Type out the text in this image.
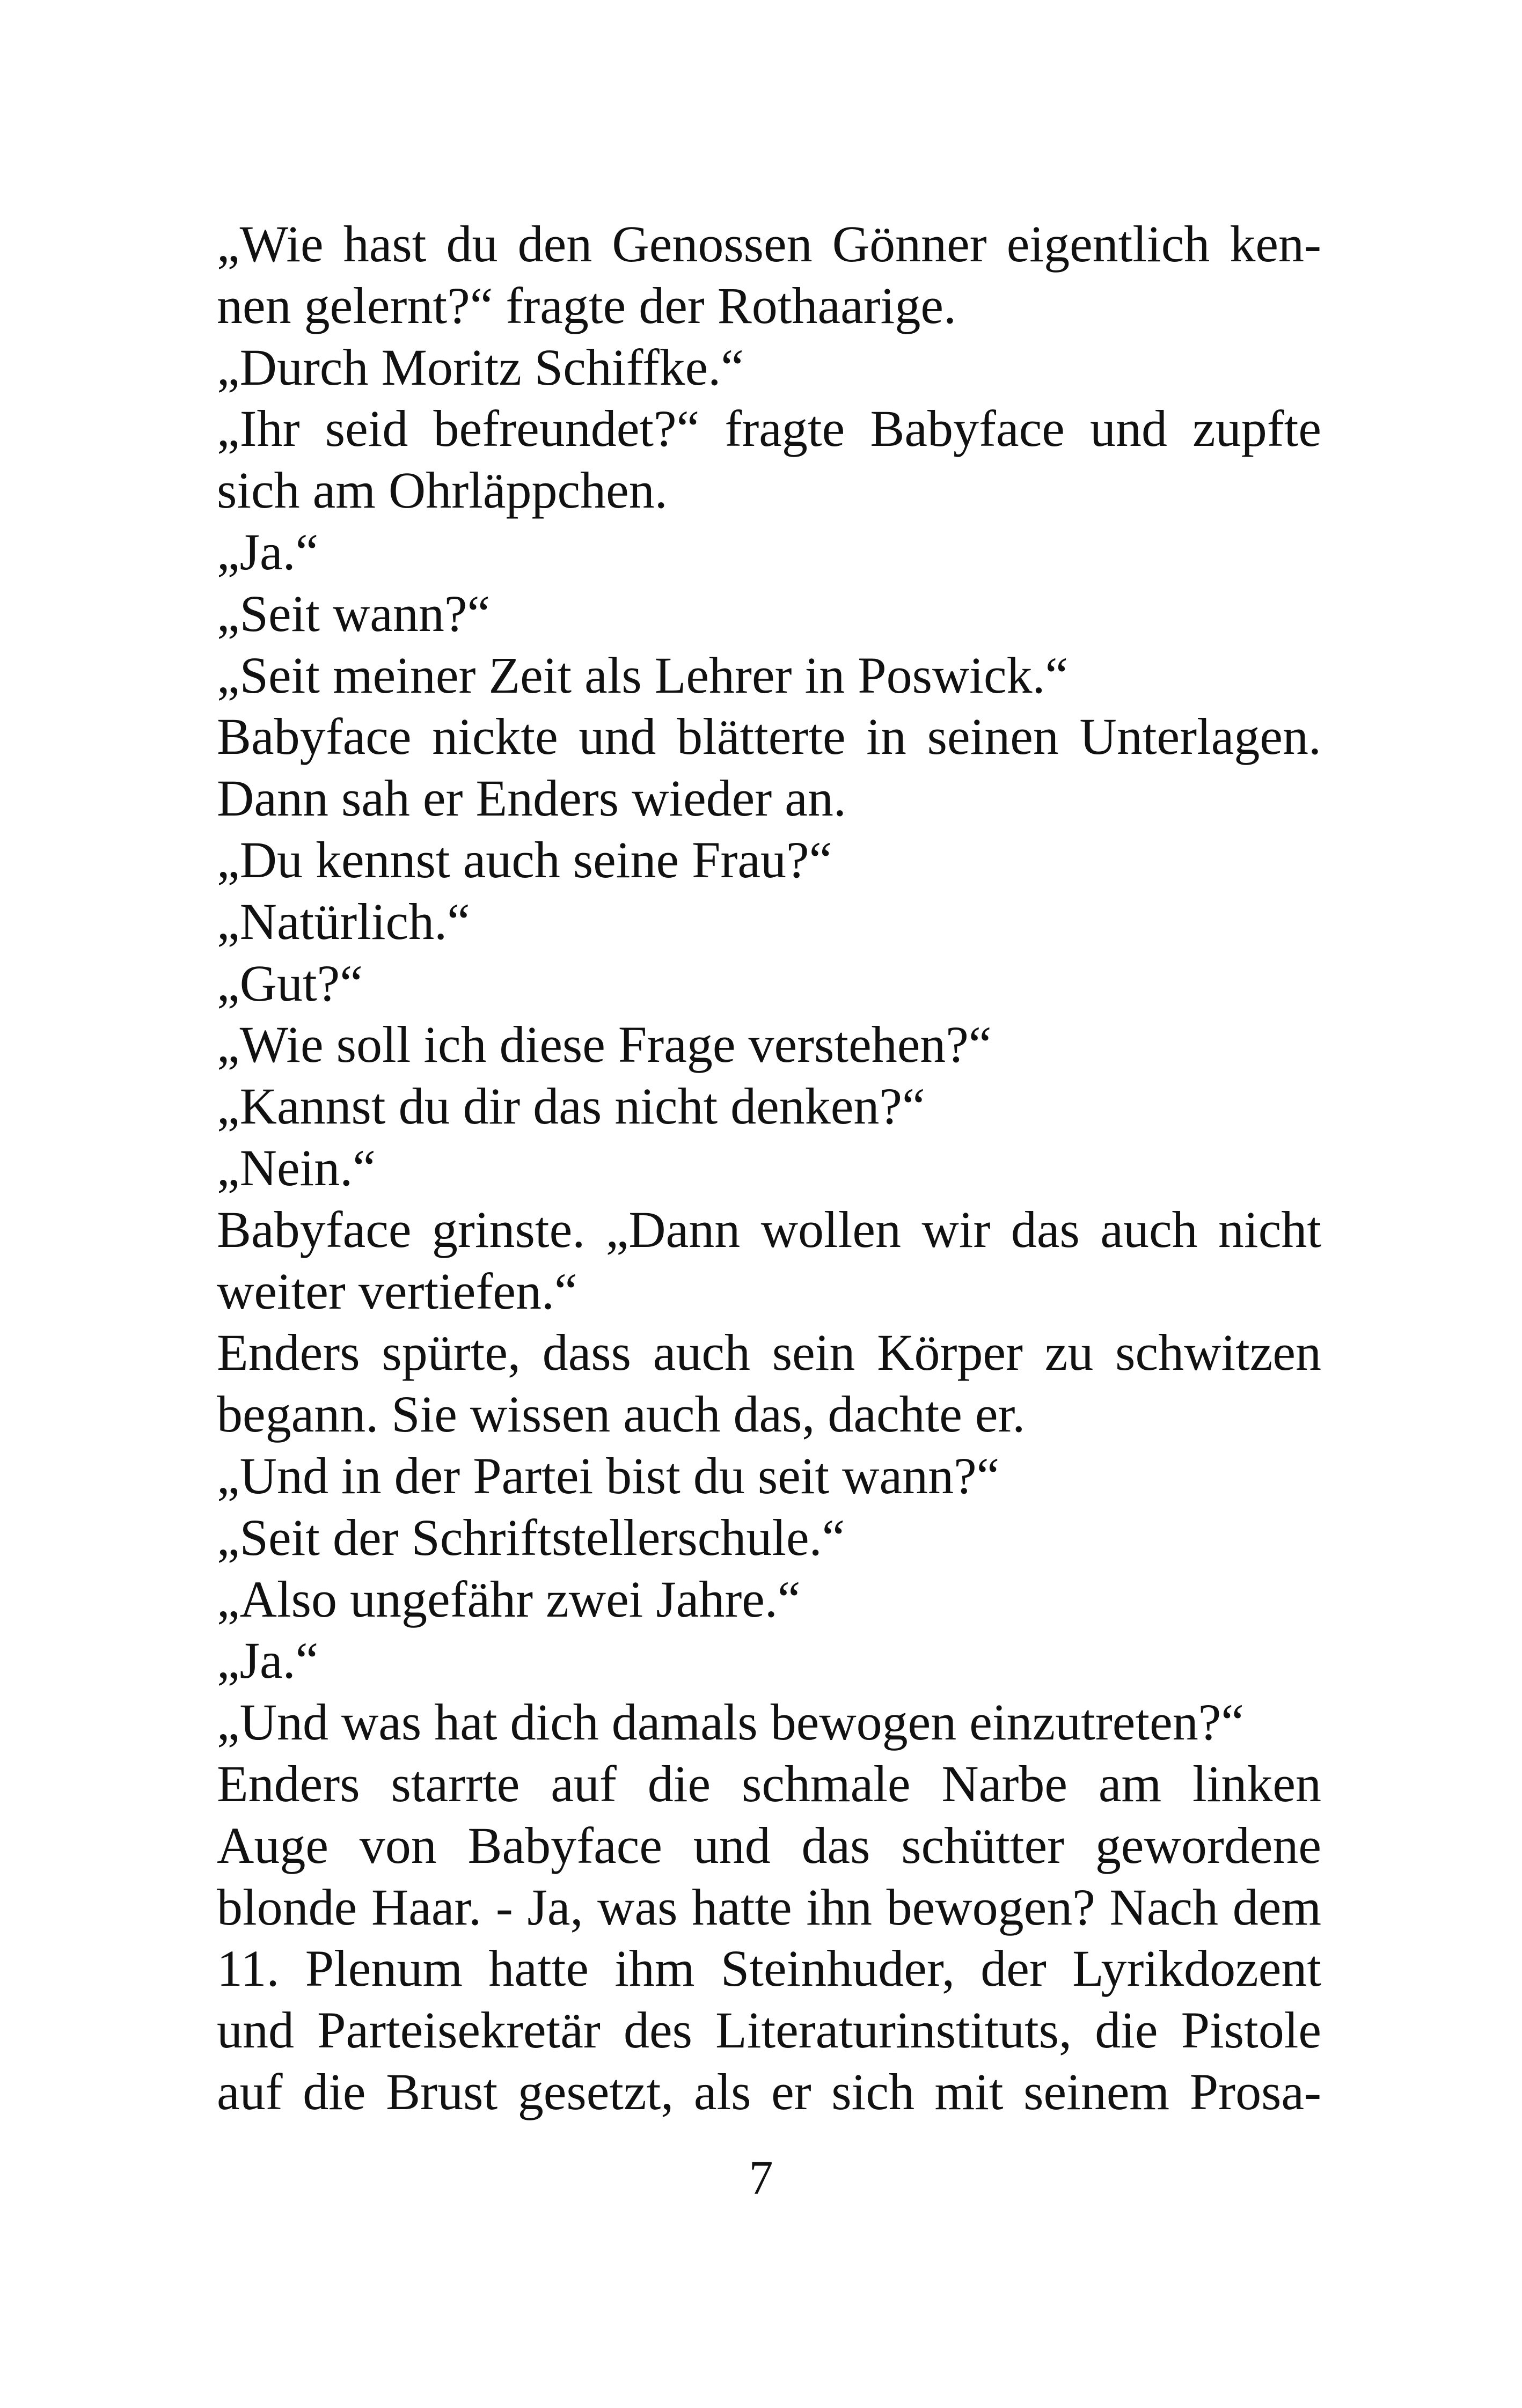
„Wie hast du den Genossen Gönner eigentlich ken-
nen gelernt?“ fragte der Rothaarige.
„Durch Moritz Schiffke.“
„Ihr seid befreundet?“ fragte Babyface und zupfte
sich am Ohrläppchen.
„Ja.“
„Seit wann?“
„Seit meiner Zeit als Lehrer in Poswick.“
Babyface nickte und blätterte in seinen Unterlagen.
Dann sah er Enders wieder an.
„Du kennst auch seine Frau?“
„Natürlich.“
„Gut?“
„Wie soll ich diese Frage verstehen?“
„Kannst du dir das nicht denken?“
„Nein.“
Babyface grinste. „Dann wollen wir das auch nicht
weiter vertiefen.“
Enders spürte, dass auch sein Körper zu schwitzen
begann. Sie wissen auch das, dachte er.
„Und in der Partei bist du seit wann?“
„Seit der Schriftstellerschule.“
„Also ungefähr zwei Jahre.“
„Ja.“
„Und was hat dich damals bewogen einzutreten?“
Enders starrte auf die schmale Narbe am linken
Auge von Babyface und das schütter gewordene
blonde Haar. - Ja, was hatte ihn bewogen? Nach dem
11. Plenum hatte ihm Steinhuder, der Lyrikdozent
und Parteisekretär des Literaturinstituts, die Pistole
auf die Brust gesetzt, als er sich mit seinem Prosa-
7
